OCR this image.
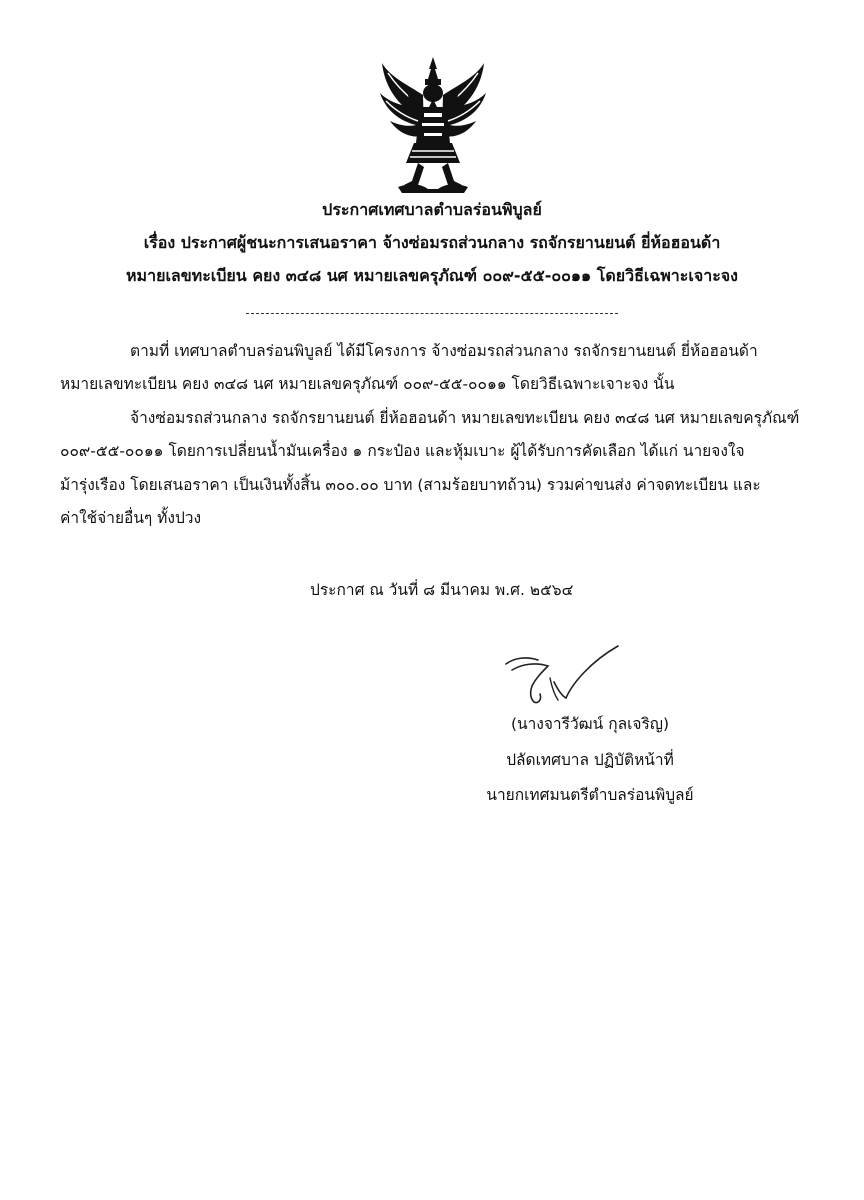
ประกาศเทศบาลตำบลร่อนพิบูลย์
เรื่อง ประกาศผู้ชนะการเสนอราคา จ้างซ่อมรถส่วนกลาง รถจักรยานยนต์ ยี่ห้อฮอนด้า
หมายเลขทะเบียน คยง ๓๔๘ นศ หมายเลขครุภัณฑ์ ๐๐๙-๕๕-๐๐๑๑ โดยวิธีเฉพาะเจาะจง
ตามที่ เทศบาลตำบลร่อนพิบูลย์ ได้มีโครงการ จ้างซ่อมรถส่วนกลาง รถจักรยานยนต์ ยี่ห้อฮอนด้า
หมายเลขทะเบียน คยง ๓๔๘ นศ หมายเลขครุภัณฑ์ ๐๐๙-๕๕-๐๐๑๑ โดยวิธีเฉพาะเจาะจง นั้น
จ้างซ่อมรถส่วนกลาง รถจักรยานยนต์ ยี่ห้อฮอนด้า หมายเลขทะเบียน คยง ๓๔๘ นศ หมายเลขครุภัณฑ์
๐๐๙-๕๕-๐๐๑๑ โดยการเปลี่ยนน้ำมันเครื่อง ๑ กระป๋อง และหุ้มเบาะ ผู้ได้รับการคัดเลือก ได้แก่ นายจงใจ
ม้ารุ่งเรือง โดยเสนอราคา เป็นเงินทั้งสิ้น ๓๐๐.๐๐ บาท (สามร้อยบาทถ้วน) รวมค่าขนส่ง ค่าจดทะเบียน และ
ค่าใช้จ่ายอื่นๆ ทั้งปวง
ประกาศ ณ วันที่ ๘ มีนาคม พ.ศ. ๒๕๖๔
(นางจารีวัฒน์ กุลเจริญ)
ปลัดเทศบาล ปฏิบัติหน้าที่
นายกเทศมนตรีตำบลร่อนพิบูลย์
